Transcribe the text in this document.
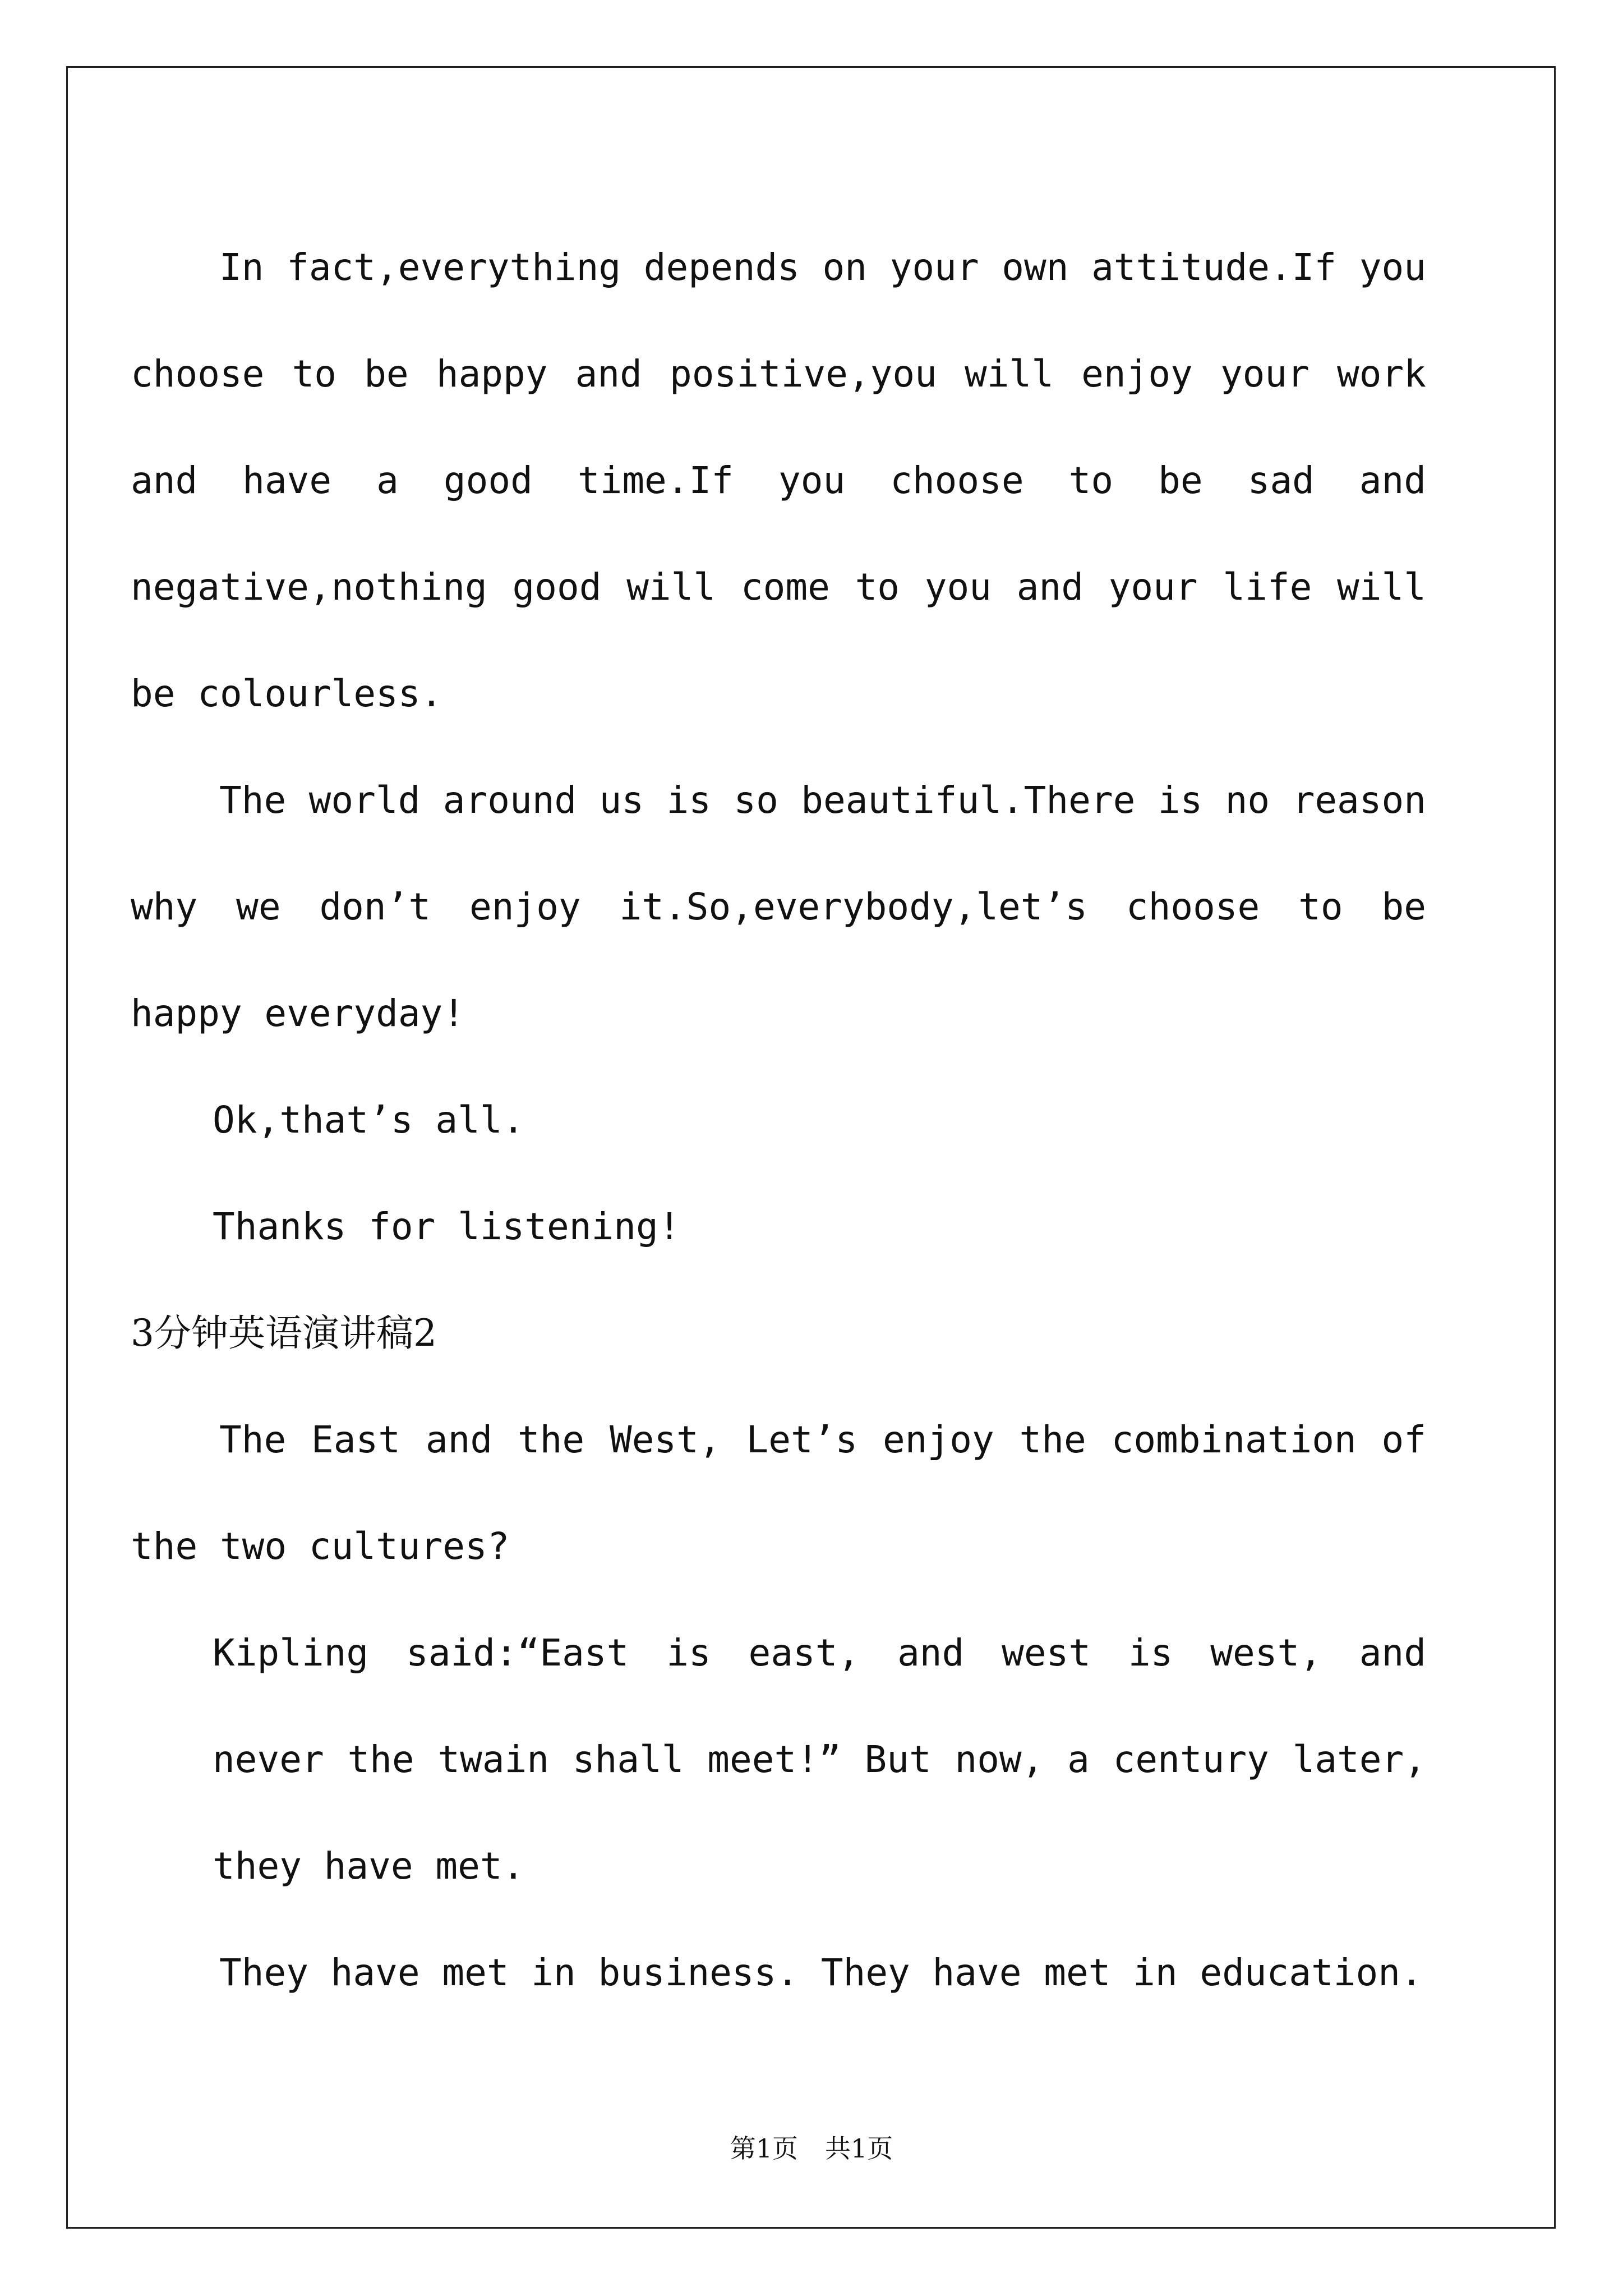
In fact,everything depends on your own attitude.If you choose to be happy and positive,you will enjoy your work and have a good time.If you choose to be sad and negative,nothing good will come to you and your life will be colourless.

The world around us is so beautiful.There is no reason why we don’t enjoy it.So,everybody,let’s choose to be happy everyday!

Ok,that’s all.

Thanks for listening!

3分钟英语演讲稿2

The East and the West, Let’s enjoy the combination of the two cultures?

Kipling said:“East is east, and west is west, and never the twain shall meet!” But now, a century later, they have met.

They have met in business. They have met in education.

第1页 共1页
